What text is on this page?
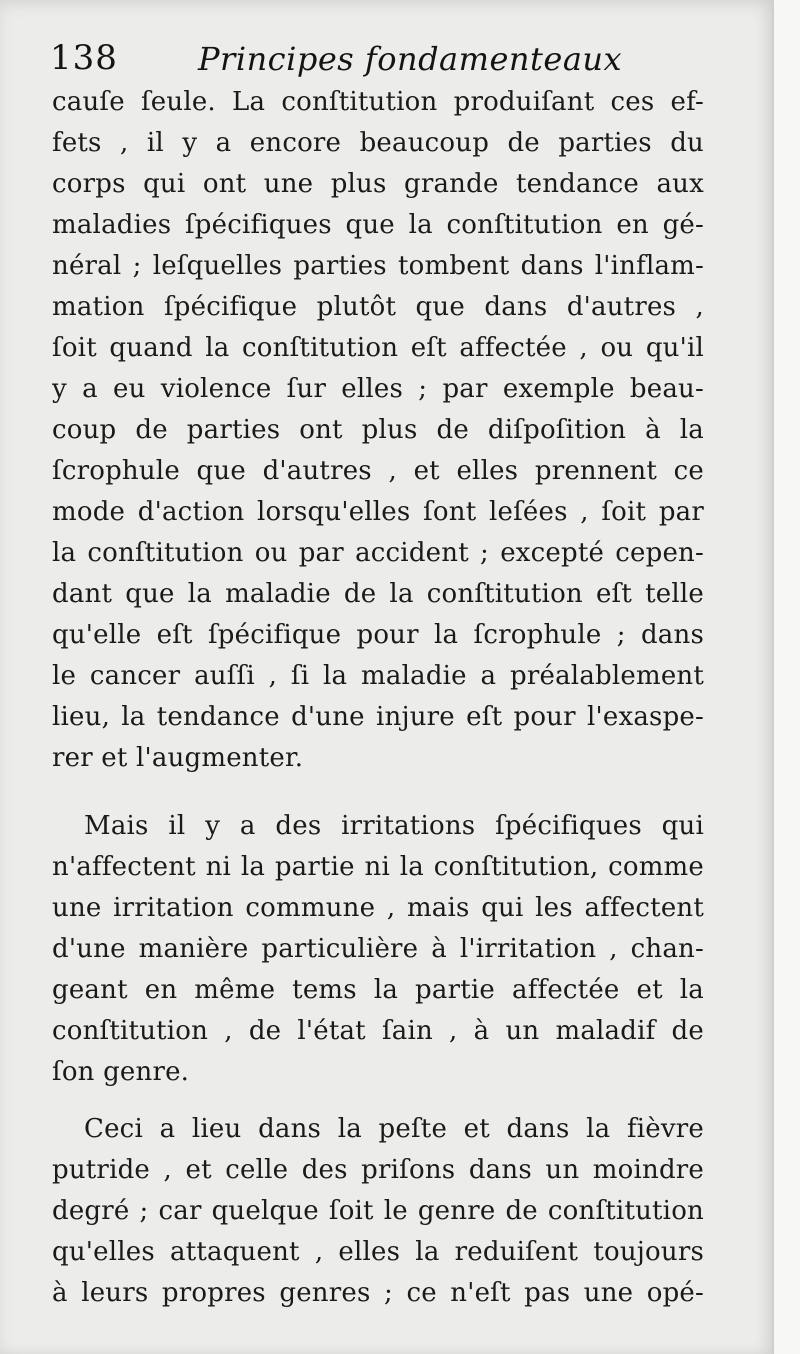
138	Principes fondamenteaux
cauſe ſeule. La conſtitution produiſant ces ef-
fets , il y a encore beaucoup de parties du
corps qui ont une plus grande tendance aux
maladies ſpécifiques que la conſtitution en gé-
néral ; leſquelles parties tombent dans l'inflam-
mation ſpécifique plutôt que dans d'autres ,
ſoit quand la conſtitution eſt affectée , ou qu'il
y a eu violence ſur elles ; par exemple beau-
coup de parties ont plus de diſpoſition à la
ſcrophule que d'autres , et elles prennent ce
mode d'action lorsqu'elles ſont leſées , ſoit par
la conſtitution ou par accident ; excepté cepen-
dant que la maladie de la conſtitution eſt telle
qu'elle eſt ſpécifique pour la ſcrophule ; dans
le cancer auſſi , ſi la maladie a préalablement
lieu, la tendance d'une injure eſt pour l'exaspe-
rer et l'augmenter.
Mais il y a des irritations ſpécifiques qui
n'affectent ni la partie ni la conſtitution, comme
une irritation commune , mais qui les affectent
d'une manière particulière à l'irritation , chan-
geant en même tems la partie affectée et la
conſtitution , de l'état ſain , à un maladif de
ſon genre.
Ceci a lieu dans la peſte et dans la fièvre
putride , et celle des priſons dans un moindre
degré ; car quelque ſoit le genre de conſtitution
qu'elles attaquent , elles la reduiſent toujours
à leurs propres genres ; ce n'eſt pas une opé-
